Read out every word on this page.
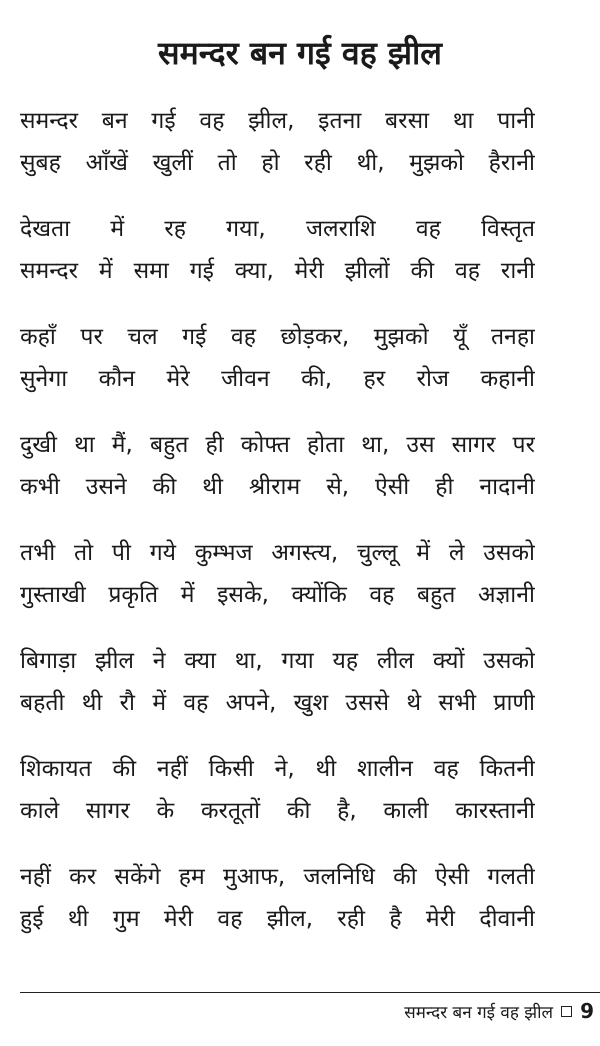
समन्दर बन गई वह झील
समन्दर बन गई वह झील, इतना बरसा था पानी
सुबह आँखें खुलीं तो हो रही थी, मुझको हैरानी
देखता में रह गया, जलराशि वह विस्तृत
समन्दर में समा गई क्या, मेरी झीलों की वह रानी
कहाँ पर चल गई वह छोड़कर, मुझको यूँ तनहा
सुनेगा कौन मेरे जीवन की, हर रोज कहानी
दुखी था मैं, बहुत ही कोफ्त होता था, उस सागर पर
कभी उसने की थी श्रीराम से, ऐसी ही नादानी
तभी तो पी गये कुम्भज अगस्त्य, चुल्लू में ले उसको
गुस्ताखी प्रकृति में इसके, क्योंकि वह बहुत अज्ञानी
बिगाड़ा झील ने क्या था, गया यह लील क्यों उसको
बहती थी रौ में वह अपने, खुश उससे थे सभी प्राणी
शिकायत की नहीं किसी ने, थी शालीन वह कितनी
काले सागर के करतूतों की है, काली कारस्तानी
नहीं कर सकेंगे हम मुआफ, जलनिधि की ऐसी गलती
हुई थी गुम मेरी वह झील, रही है मेरी दीवानी
समन्दर बन गई वह झील 9
